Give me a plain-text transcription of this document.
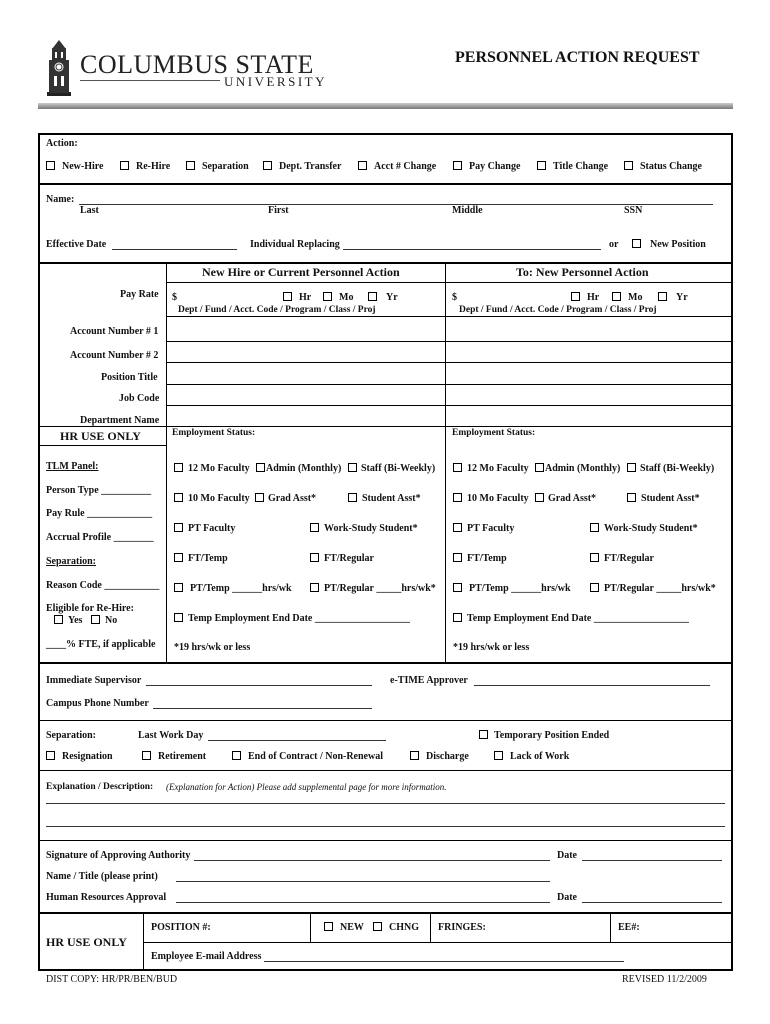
COLUMBUS STATE
UNIVERSITY
PERSONNEL ACTION REQUEST
Action:
New-Hire	Re-Hire	Separation	Dept. Transfer	Acct # Change	Pay Change	Title Change	Status Change
Name:
Last	First	Middle	SSN
Effective Date	Individual Replacing	or	New Position
New Hire or Current Personnel Action	To: New Personnel Action
Pay Rate $	Hr	Mo	Yr
Dept / Fund / Acct. Code / Program / Class / Proj
$	Hr	Mo	Yr
Dept / Fund / Acct. Code / Program / Class / Proj
Account Number # 1
Account Number # 2
Position Title
Job Code
Department Name
HR USE ONLY	Employment Status:	Employment Status:
TLM Panel:
Person Type __________
Pay Rule _____________
Accrual Profile ________
Separation:
Reason Code ___________
Eligible for Re-Hire:
Yes No
____% FTE, if applicable
12 Mo Faculty Admin (Monthly) Staff (Bi-Weekly)
10 Mo Faculty Grad Asst*	Student Asst*
PT Faculty	Work-Study Student*
FT/Temp	FT/Regular
PT/Temp ______hrs/wk	PT/Regular _____hrs/wk*
Temp Employment End Date ___________________
*19 hrs/wk or less
12 Mo Faculty Admin (Monthly) Staff (Bi-Weekly)
10 Mo Faculty Grad Asst*	Student Asst*
PT Faculty	Work-Study Student*
FT/Temp	FT/Regular
PT/Temp ______hrs/wk	PT/Regular _____hrs/wk*
Temp Employment End Date ___________________
*19 hrs/wk or less
Immediate Supervisor	e-TIME Approver
Campus Phone Number
Separation:	Last Work Day	Temporary Position Ended
Resignation	Retirement	End of Contract / Non-Renewal	Discharge	Lack of Work
Explanation / Description: (Explanation for Action) Please add supplemental page for more information.
Signature of Approving Authority	Date
Name / Title (please print)
Human Resources Approval	Date
HR USE ONLY
POSITION #:	NEW	CHNG FRINGES:	EE#:
Employee E-mail Address
DIST COPY: HR/PR/BEN/BUD	REVISED 11/2/2009
